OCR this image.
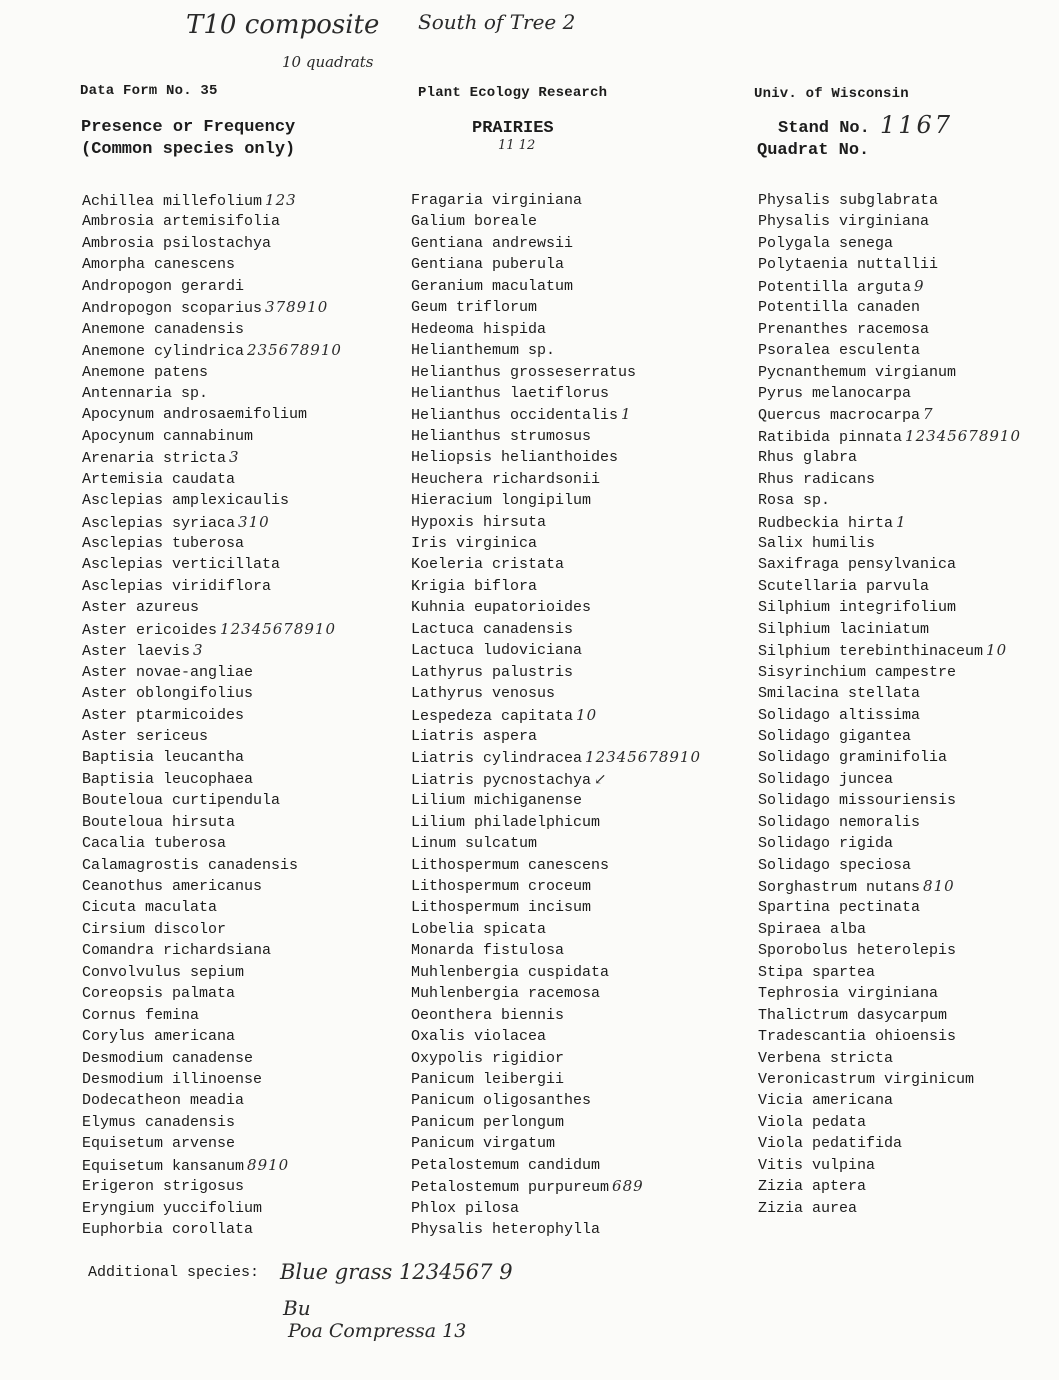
T10 composite South of Tree 2
10 quadrats
Data Form No. 35	Plant Ecology Research	Univ. of Wisconsin
Presence or Frequency
(Common species only)
PRAIRIES
11 12
Stand No. 1167
Quadrat No.
Achillea millefolium 123
Ambrosia artemisifolia
Ambrosia psilostachya
Amorpha canescens
Andropogon gerardi
Andropogon scoparius 378910
Anemone canadensis
Anemone cylindrica 235678910
Anemone patens
Antennaria sp.
Apocynum androsaemifolium
Apocynum cannabinum
Arenaria stricta 3
Artemisia caudata
Asclepias amplexicaulis
Asclepias syriaca 310
Asclepias tuberosa
Asclepias verticillata
Asclepias viridiflora
Aster azureus
Aster ericoides 12345678910
Aster laevis 3
Aster novae-angliae
Aster oblongifolius
Aster ptarmicoides
Aster sericeus
Baptisia leucantha
Baptisia leucophaea
Bouteloua curtipendula
Bouteloua hirsuta
Cacalia tuberosa
Calamagrostis canadensis
Ceanothus americanus
Cicuta maculata
Cirsium discolor
Comandra richardsiana
Convolvulus sepium
Coreopsis palmata
Cornus femina
Corylus americana
Desmodium canadense
Desmodium illinoense
Dodecatheon meadia
Elymus canadensis
Equisetum arvense
Equisetum kansanum 8910
Erigeron strigosus
Eryngium yuccifolium
Euphorbia corollata
Fragaria virginiana
Galium boreale
Gentiana andrewsii
Gentiana puberula
Geranium maculatum
Geum triflorum
Hedeoma hispida
Helianthemum sp.
Helianthus grosseserratus
Helianthus laetiflorus
Helianthus occidentalis 1
Helianthus strumosus
Heliopsis helianthoides
Heuchera richardsonii
Hieracium longipilum
Hypoxis hirsuta
Iris virginica
Koeleria cristata
Krigia biflora
Kuhnia eupatorioides
Lactuca canadensis
Lactuca ludoviciana
Lathyrus palustris
Lathyrus venosus
Lespedeza capitata 10
Liatris aspera
Liatris cylindracea 12345678910
Liatris pycnostachya ↙
Lilium michiganense
Lilium philadelphicum
Linum sulcatum
Lithospermum canescens
Lithospermum croceum
Lithospermum incisum
Lobelia spicata
Monarda fistulosa
Muhlenbergia cuspidata
Muhlenbergia racemosa
Oeonthera biennis
Oxalis violacea
Oxypolis rigidior
Panicum leibergii
Panicum oligosanthes
Panicum perlongum
Panicum virgatum
Petalostemum candidum
Petalostemum purpureum 689
Phlox pilosa
Physalis heterophylla
Physalis subglabrata
Physalis virginiana
Polygala senega
Polytaenia nuttallii
Potentilla arguta 9
Potentilla canaden
Prenanthes racemosa
Psoralea esculenta
Pycnanthemum virgianum
Pyrus melanocarpa
Quercus macrocarpa 7
Ratibida pinnata 12345678910
Rhus glabra
Rhus radicans
Rosa sp.
Rudbeckia hirta 1
Salix humilis
Saxifraga pensylvanica
Scutellaria parvula
Silphium integrifolium
Silphium laciniatum
Silphium terebinthinaceum 10
Sisyrinchium campestre
Smilacina stellata
Solidago altissima
Solidago gigantea
Solidago graminifolia
Solidago juncea
Solidago missouriensis
Solidago nemoralis
Solidago rigida
Solidago speciosa
Sorghastrum nutans 810
Spartina pectinata
Spiraea alba
Sporobolus heterolepis
Stipa spartea
Tephrosia virginiana
Thalictrum dasycarpum
Tradescantia ohioensis
Verbena stricta
Veronicastrum virginicum
Vicia americana
Viola pedata
Viola pedatifida
Vitis vulpina
Zizia aptera
Zizia aurea
Additional species: Blue grass 1234567 9
Bu
Poa Compressa 13
